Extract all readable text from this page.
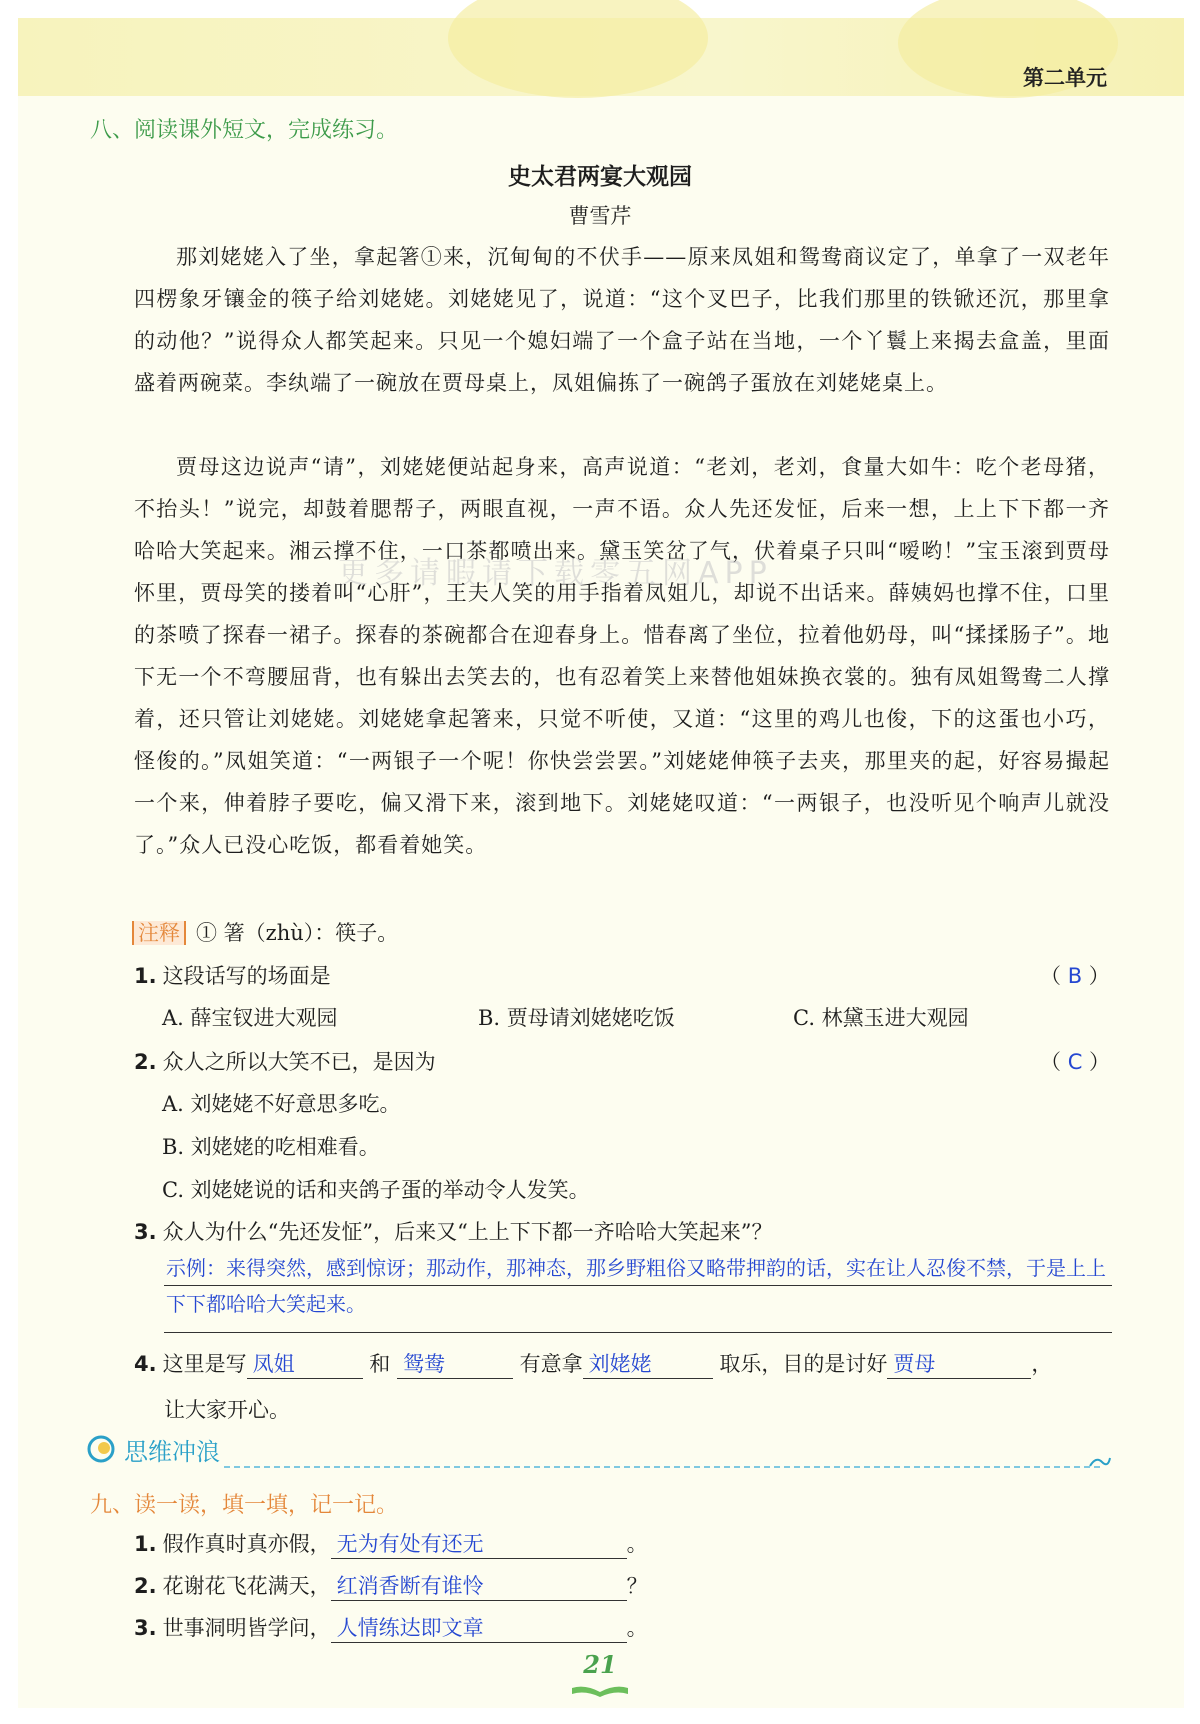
第二单元
八、阅读课外短文，完成练习。
史太君两宴大观园
曹雪芹

那刘姥姥入了坐，拿起箸①来，沉甸甸的不伏手——原来凤姐和鸳鸯商议定了，单拿了一双老年四楞象牙镶金的筷子给刘姥姥。刘姥姥见了，说道：“这个叉巴子，比我们那里的铁锨还沉，那里拿的动他？”说得众人都笑起来。只见一个媳妇端了一个盒子站在当地，一个丫鬟上来揭去盒盖，里面盛着两碗菜。李纨端了一碗放在贾母桌上，凤姐偏拣了一碗鸽子蛋放在刘姥姥桌上。

贾母这边说声“请”，刘姥姥便站起身来，高声说道：“老刘，老刘，食量大如牛：吃个老母猪，不抬头！”说完，却鼓着腮帮子，两眼直视，一声不语。众人先还发怔，后来一想，上上下下都一齐哈哈大笑起来。湘云撑不住，一口茶都喷出来。黛玉笑岔了气，伏着桌子只叫“嗳哟！”宝玉滚到贾母怀里，贾母笑的搂着叫“心肝”，王夫人笑的用手指着凤姐儿，却说不出话来。薛姨妈也撑不住，口里的茶喷了探春一裙子。探春的茶碗都合在迎春身上。惜春离了坐位，拉着他奶母，叫“揉揉肠子”。地下无一个不弯腰屈背，也有躲出去笑去的，也有忍着笑上来替他姐妹换衣裳的。独有凤姐鸳鸯二人撑着，还只管让刘姥姥。刘姥姥拿起箸来，只觉不听使，又道：“这里的鸡儿也俊，下的这蛋也小巧，怪俊的。”凤姐笑道：“一两银子一个呢！你快尝尝罢。”刘姥姥伸筷子去夹，那里夹的起，好容易撮起一个来，伸着脖子要吃，偏又滑下来，滚到地下。刘姥姥叹道：“一两银子，也没听见个响声儿就没了。”众人已没心吃饭，都看着她笑。

更多请暇请下载零五网APP
注释 ① 箸（zhù）：筷子。
1. 这段话写的场面是	（ B ）
A. 薛宝钗进大观园	B. 贾母请刘姥姥吃饭	C. 林黛玉进大观园
2. 众人之所以大笑不已，是因为	（ C ）
A. 刘姥姥不好意思多吃。
B. 刘姥姥的吃相难看。
C. 刘姥姥说的话和夹鸽子蛋的举动令人发笑。
3. 众人为什么“先还发怔”，后来又“上上下下都一齐哈哈大笑起来”？
示例：来得突然，感到惊讶；那动作，那神态，那乡野粗俗又略带押韵的话，实在让人忍俊不禁，于是上上下下都哈哈大笑起来。
4. 这里是写 凤姐	和 鸳鸯	有意拿 刘姥姥	取乐，目的是讨好 贾母	，
让大家开心。
思维冲浪
九、读一读，填一填，记一记。
1. 假作真时真亦假， 无为有处有还无	。
2. 花谢花飞花满天， 红消香断有谁怜	？
3. 世事洞明皆学问， 人情练达即文章	。
21
